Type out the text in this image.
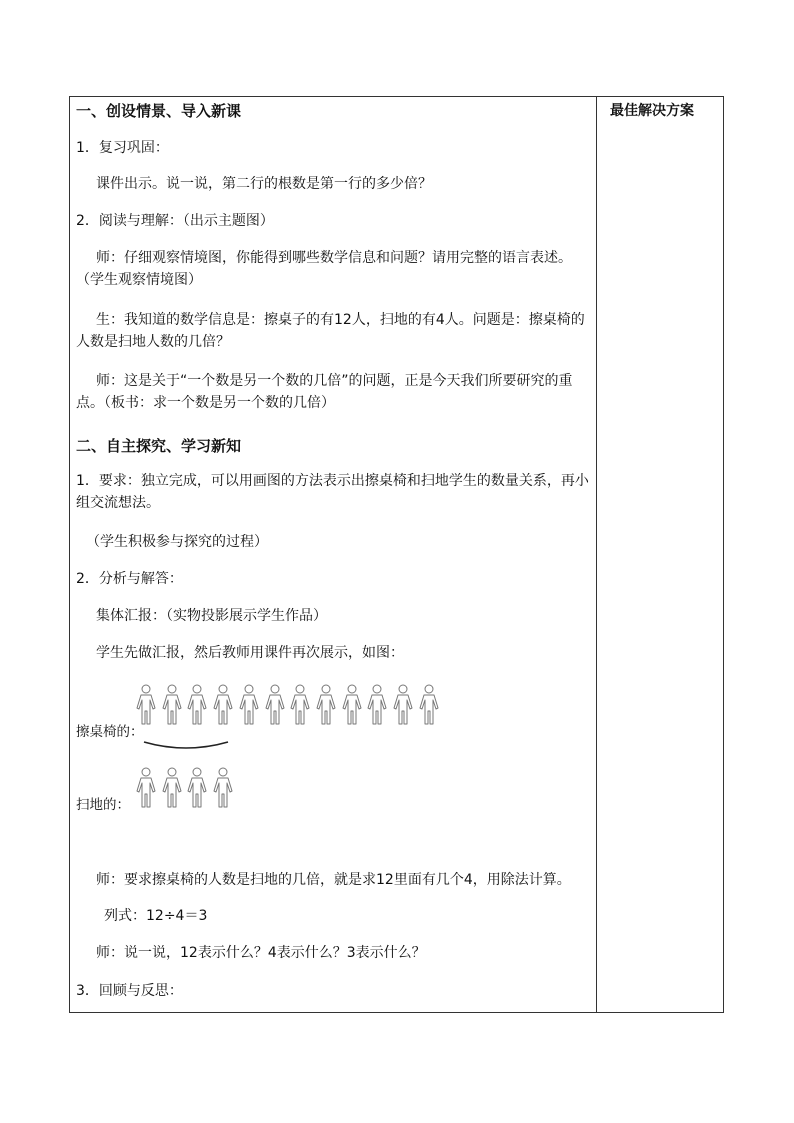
最佳解决方案
一、创设情景、导入新课
1．复习巩固：
课件出示。说一说，第二行的根数是第一行的多少倍？
2．阅读与理解：（出示主题图）
师：仔细观察情境图，你能得到哪些数学信息和问题？请用完整的语言表述。（学生观察情境图）
生：我知道的数学信息是：擦桌子的有12人，扫地的有4人。问题是：擦桌椅的人数是扫地人数的几倍？
师：这是关于“一个数是另一个数的几倍”的问题，正是今天我们所要研究的重点。（板书：求一个数是另一个数的几倍）
二、自主探究、学习新知
1．要求：独立完成，可以用画图的方法表示出擦桌椅和扫地学生的数量关系，再小组交流想法。
（学生积极参与探究的过程）
2．分析与解答：
集体汇报：（实物投影展示学生作品）
学生先做汇报，然后教师用课件再次展示，如图：
擦桌椅的：
扫地的：
师：要求擦桌椅的人数是扫地的几倍，就是求12里面有几个4，用除法计算。
列式：12÷4＝3
师：说一说，12表示什么？4表示什么？3表示什么？
3．回顾与反思：
